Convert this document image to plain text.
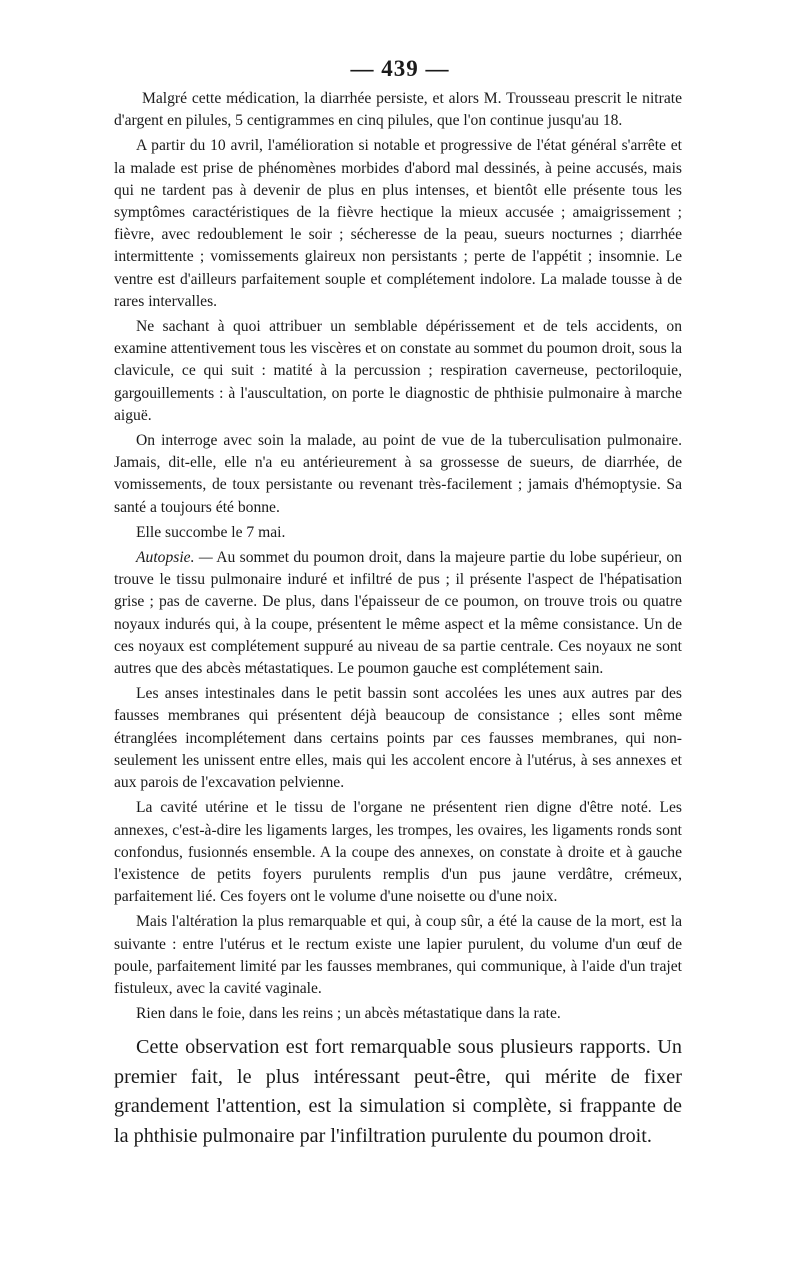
— 439 —

Malgré cette médication, la diarrhée persiste, et alors M. Trousseau prescrit le nitrate d'argent en pilules, 5 centigrammes en cinq pilules, que l'on continue jusqu'au 18.

A partir du 10 avril, l'amélioration si notable et progressive de l'état général s'arrête et la malade est prise de phénomènes morbides d'abord mal dessinés, à peine accusés, mais qui ne tardent pas à devenir de plus en plus intenses, et bientôt elle présente tous les symptômes caractéristiques de la fièvre hectique la mieux accusée ; amaigrissement ; fièvre, avec redoublement le soir ; sécheresse de la peau, sueurs nocturnes ; diarrhée intermittente ; vomissements glaireux non persistants ; perte de l'appétit ; insomnie. Le ventre est d'ailleurs parfaitement souple et complétement indolore. La malade tousse à de rares intervalles.

Ne sachant à quoi attribuer un semblable dépérissement et de tels accidents, on examine attentivement tous les viscères et on constate au sommet du poumon droit, sous la clavicule, ce qui suit : matité à la percussion ; respiration caverneuse, pectoriloquie, gargouillements : à l'auscultation, on porte le diagnostic de phthisie pulmonaire à marche aiguë.

On interroge avec soin la malade, au point de vue de la tuberculisation pulmonaire. Jamais, dit-elle, elle n'a eu antérieurement à sa grossesse de sueurs, de diarrhée, de vomissements, de toux persistante ou revenant très-facilement ; jamais d'hémoptysie. Sa santé a toujours été bonne.

Elle succombe le 7 mai.

Autopsie. — Au sommet du poumon droit, dans la majeure partie du lobe supérieur, on trouve le tissu pulmonaire induré et infiltré de pus ; il présente l'aspect de l'hépatisation grise ; pas de caverne. De plus, dans l'épaisseur de ce poumon, on trouve trois ou quatre noyaux indurés qui, à la coupe, présentent le même aspect et la même consistance. Un de ces noyaux est complétement suppuré au niveau de sa partie centrale. Ces noyaux ne sont autres que des abcès métastatiques. Le poumon gauche est complétement sain.

Les anses intestinales dans le petit bassin sont accolées les unes aux autres par des fausses membranes qui présentent déjà beaucoup de consistance ; elles sont même étranglées incomplétement dans certains points par ces fausses membranes, qui non-seulement les unissent entre elles, mais qui les accolent encore à l'utérus, à ses annexes et aux parois de l'excavation pelvienne.

La cavité utérine et le tissu de l'organe ne présentent rien digne d'être noté. Les annexes, c'est-à-dire les ligaments larges, les trompes, les ovaires, les ligaments ronds sont confondus, fusionnés ensemble. A la coupe des annexes, on constate à droite et à gauche l'existence de petits foyers purulents remplis d'un pus jaune verdâtre, crémeux, parfaitement lié. Ces foyers ont le volume d'une noisette ou d'une noix.

Mais l'altération la plus remarquable et qui, à coup sûr, a été la cause de la mort, est la suivante : entre l'utérus et le rectum existe une lapier purulent, du volume d'un œuf de poule, parfaitement limité par les fausses membranes, qui communique, à l'aide d'un trajet fistuleux, avec la cavité vaginale.

Rien dans le foie, dans les reins ; un abcès métastatique dans la rate.

Cette observation est fort remarquable sous plusieurs rapports. Un premier fait, le plus intéressant peut-être, qui mérite de fixer grandement l'attention, est la simulation si complète, si frappante de la phthisie pulmonaire par l'infiltration purulente du poumon droit.
